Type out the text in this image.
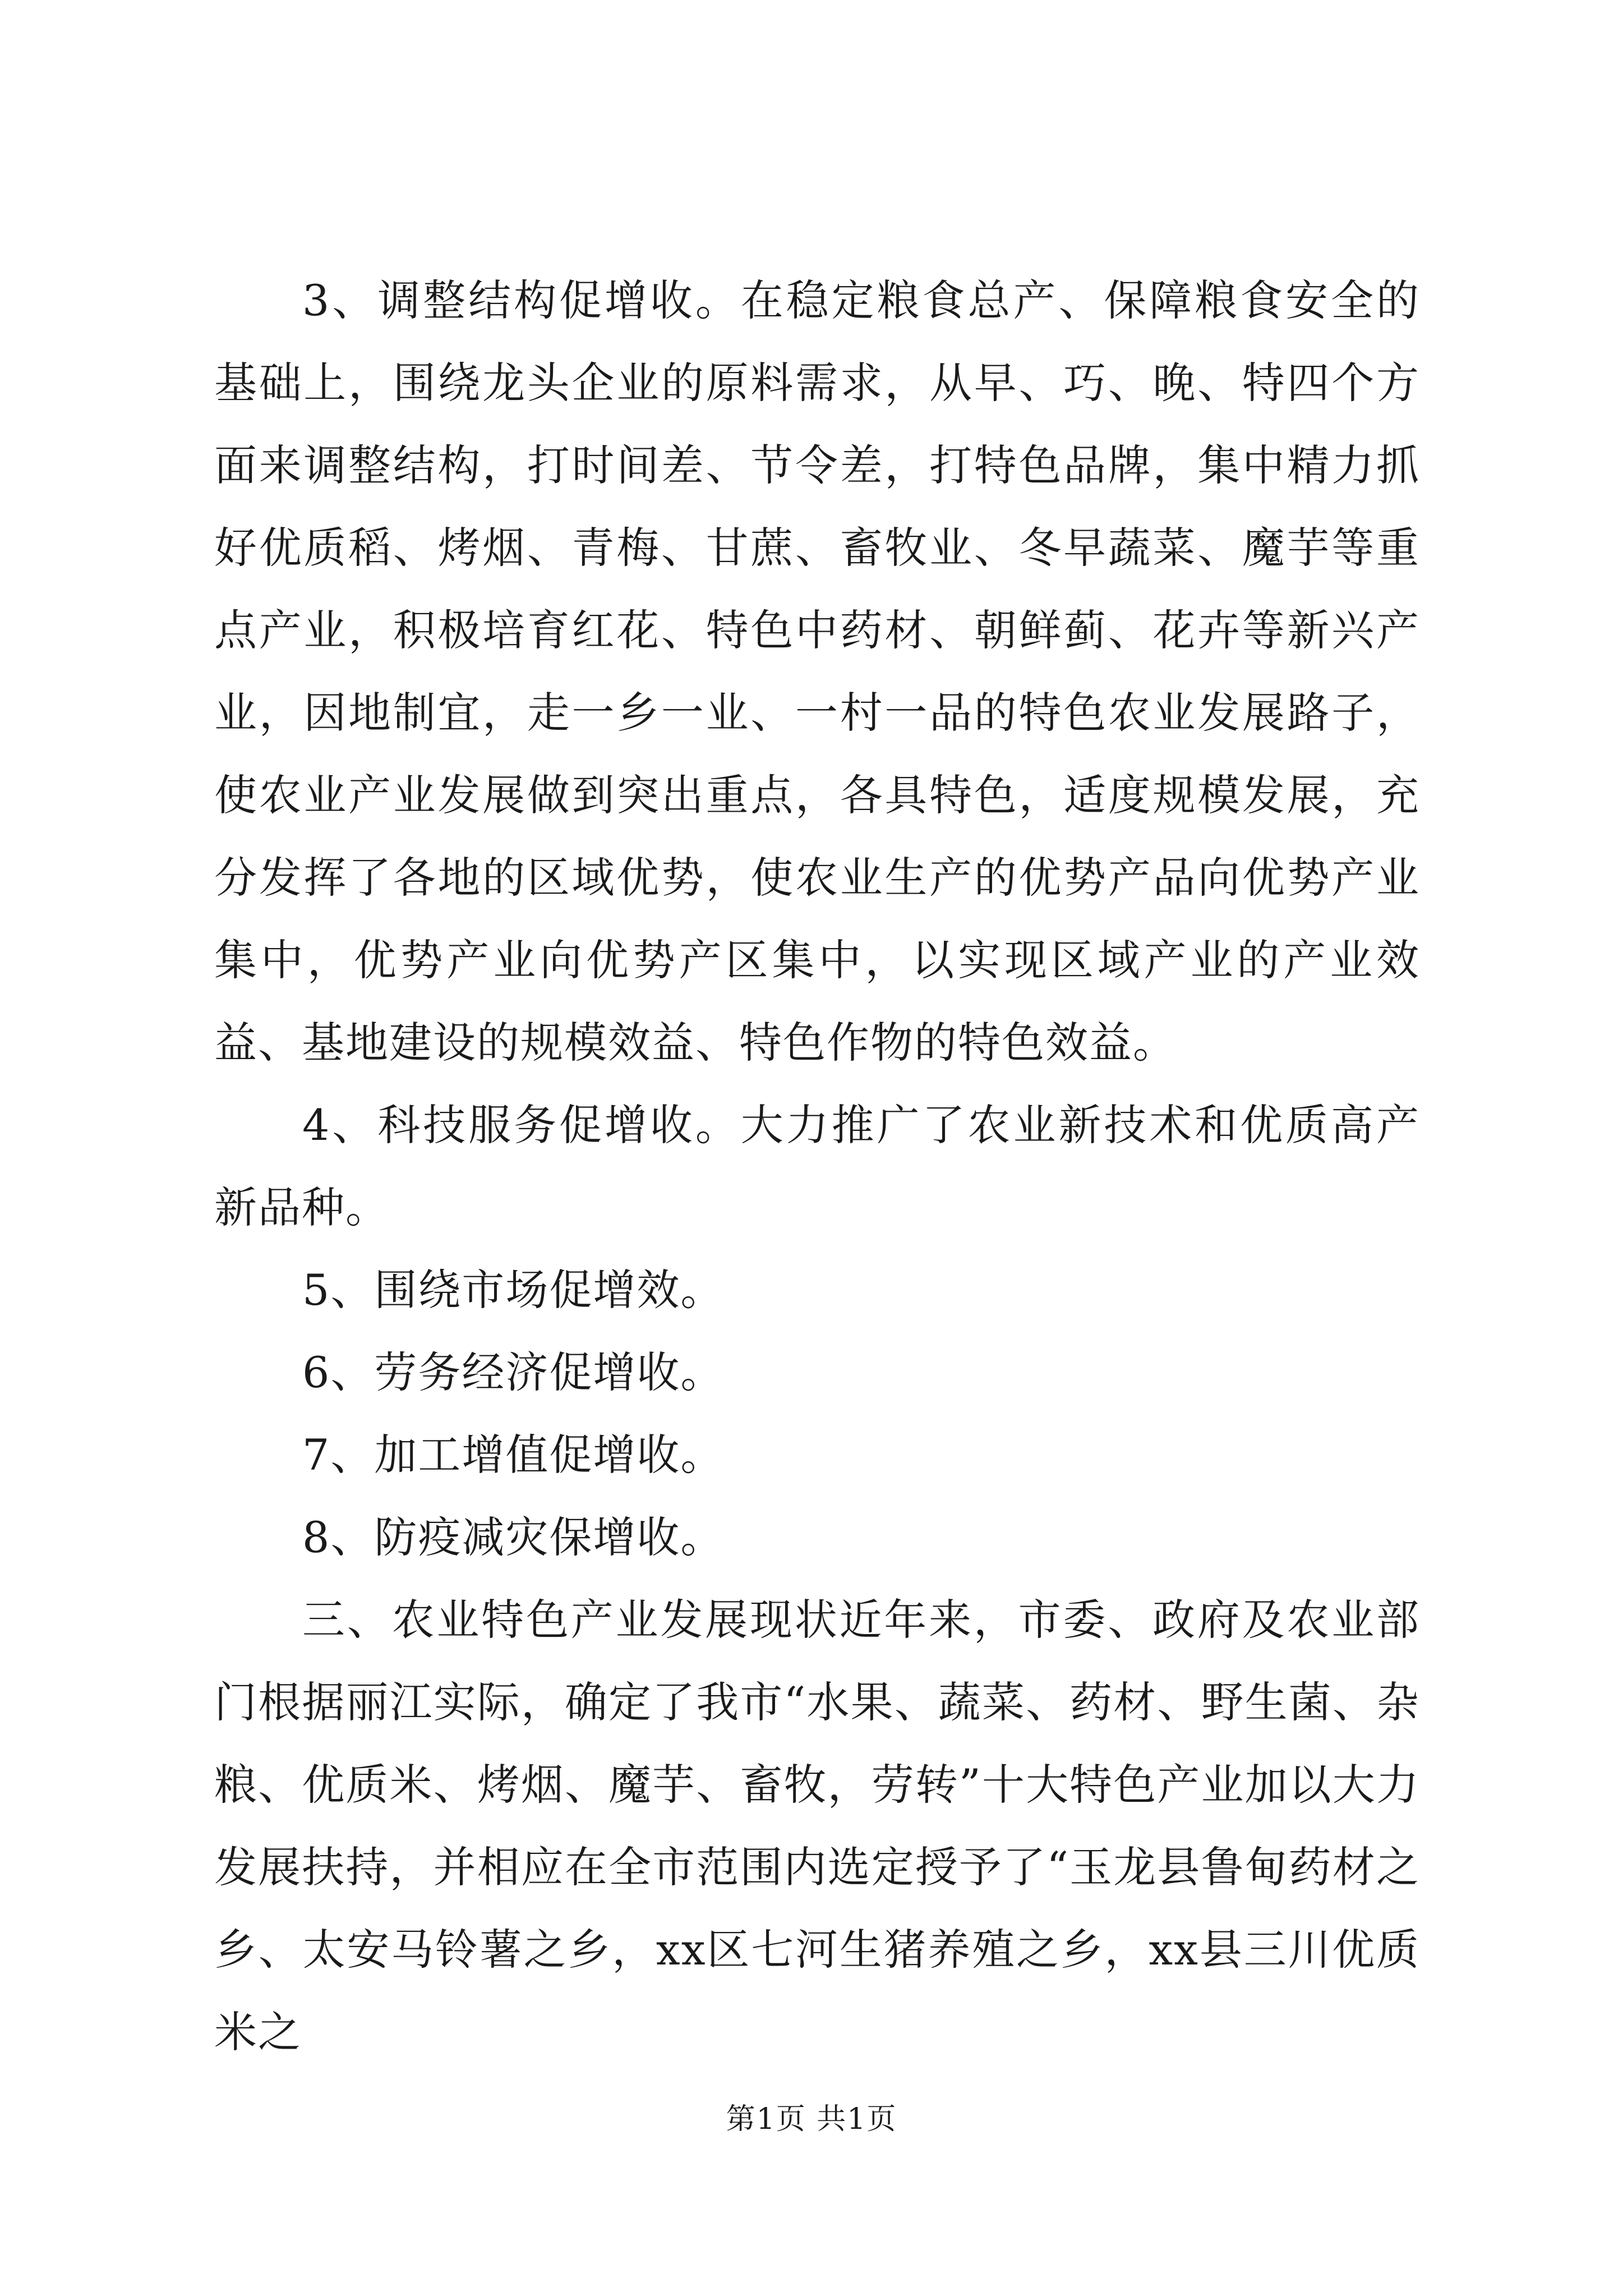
3、调整结构促增收。在稳定粮食总产、保障粮食安全的基础上，围绕龙头企业的原料需求，从早、巧、晚、特四个方面来调整结构，打时间差、节令差，打特色品牌，集中精力抓好优质稻、烤烟、青梅、甘蔗、畜牧业、冬早蔬菜、魔芋等重点产业，积极培育红花、特色中药材、朝鲜蓟、花卉等新兴产业，因地制宜，走一乡一业、一村一品的特色农业发展路子，使农业产业发展做到突出重点，各具特色，适度规模发展，充分发挥了各地的区域优势，使农业生产的优势产品向优势产业集中，优势产业向优势产区集中，以实现区域产业的产业效益、基地建设的规模效益、特色作物的特色效益。

4、科技服务促增收。大力推广了农业新技术和优质高产新品种。

5、围绕市场促增效。

6、劳务经济促增收。

7、加工增值促增收。

8、防疫减灾保增收。

三、农业特色产业发展现状近年来，市委、政府及农业部门根据丽江实际，确定了我市“水果、蔬菜、药材、野生菌、杂粮、优质米、烤烟、魔芋、畜牧，劳转”十大特色产业加以大力发展扶持，并相应在全市范围内选定授予了“玉龙县鲁甸药材之乡、太安马铃薯之乡，xx区七河生猪养殖之乡，xx县三川优质米之

第1页 共1页
